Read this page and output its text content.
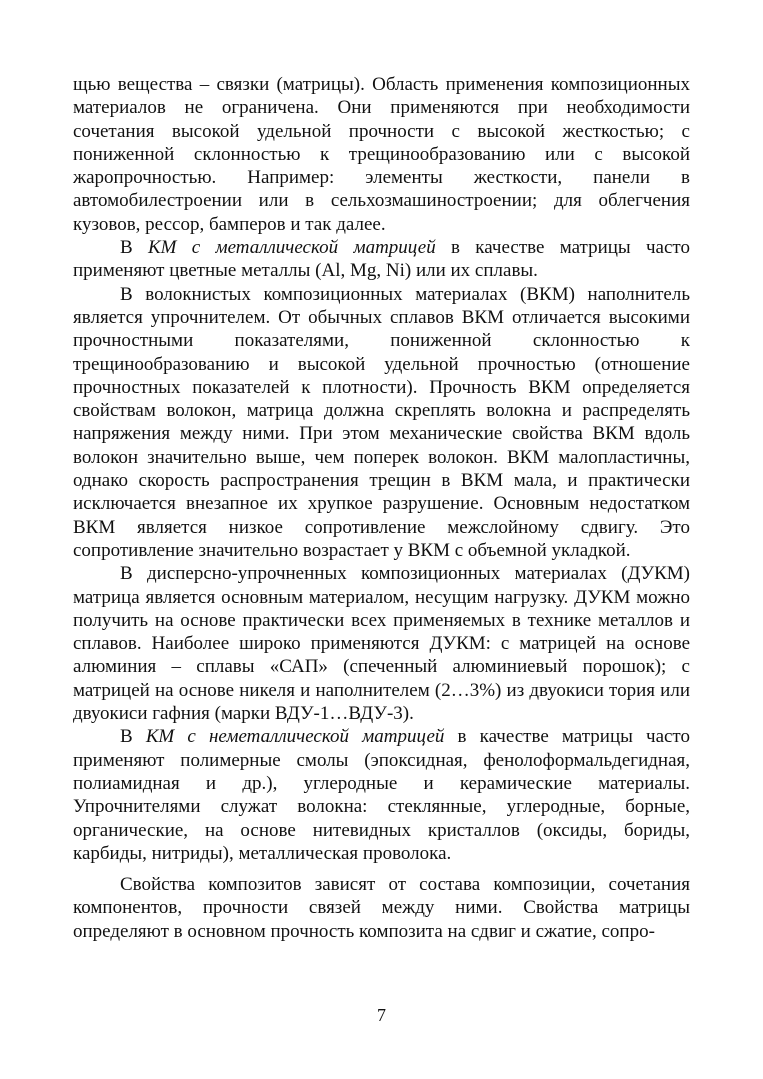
щью вещества – связки (матрицы). Область применения композиционных материалов не ограничена. Они применяются при необходимости сочетания высокой удельной прочности с высокой жесткостью; с пониженной склонностью к трещинообразованию или с высокой жаропрочностью. Например: элементы жесткости, панели в автомобилестроении или в сельхозмашиностроении; для облегчения кузовов, рессор, бамперов и так далее.

В КМ с металлической матрицей в качестве матрицы часто применяют цветные металлы (Al, Mg, Ni) или их сплавы.

В волокнистых композиционных материалах (ВКМ) наполнитель является упрочнителем. От обычных сплавов ВКМ отличается высокими прочностными показателями, пониженной склонностью к трещинообразованию и высокой удельной прочностью (отношение прочностных показателей к плотности). Прочность ВКМ определяется свойствам волокон, матрица должна скреплять волокна и распределять напряжения между ними. При этом механические свойства ВКМ вдоль волокон значительно выше, чем поперек волокон. ВКМ малопластичны, однако скорость распространения трещин в ВКМ мала, и практически исключается внезапное их хрупкое разрушение. Основным недостатком ВКМ является низкое сопротивление межслойному сдвигу. Это сопротивление значительно возрастает у ВКМ с объемной укладкой.

В дисперсно-упрочненных композиционных материалах (ДУКМ) матрица является основным материалом, несущим нагрузку. ДУКМ можно получить на основе практически всех применяемых в технике металлов и сплавов. Наиболее широко применяются ДУКМ: с матрицей на основе алюминия – сплавы «САП» (спеченный алюминиевый порошок); с матрицей на основе никеля и наполнителем (2…3%) из двуокиси тория или двуокиси гафния (марки ВДУ-1…ВДУ-3).

В КМ с неметаллической матрицей в качестве матрицы часто применяют полимерные смолы (эпоксидная, фенолоформальдегидная, полиамидная и др.), углеродные и керамические материалы. Упрочнителями служат волокна: стеклянные, углеродные, борные, органические, на основе нитевидных кристаллов (оксиды, бориды, карбиды, нитриды), металлическая проволока.

Свойства композитов зависят от состава композиции, сочетания компонентов, прочности связей между ними. Свойства матрицы определяют в основном прочность композита на сдвиг и сжатие, сопро-

7
